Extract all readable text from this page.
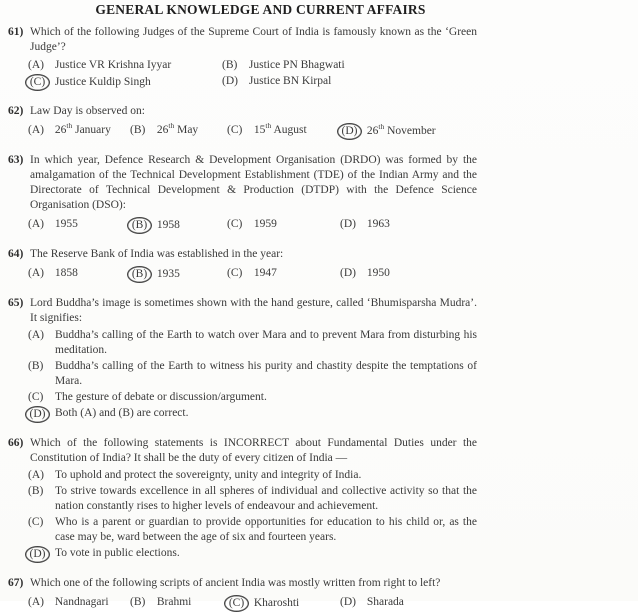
GENERAL KNOWLEDGE AND CURRENT AFFAIRS
61) Which of the following Judges of the Supreme Court of India is famously known as the ‘Green Judge’?
(A) Justice VR Krishna Iyyar	(B) Justice PN Bhagwati
(C) Justice Kuldip Singh	(D) Justice BN Kirpal
62) Law Day is observed on:
(A) 26th January	(B) 26th May	(C) 15th August	(D) 26th November
63) In which year, Defence Research & Development Organisation (DRDO) was formed by the amalgamation of the Technical Development Establishment (TDE) of the Indian Army and the Directorate of Technical Development & Production (DTDP) with the Defence Science Organisation (DSO):
(A) 1955	(B) 1958	(C) 1959	(D) 1963
64) The Reserve Bank of India was established in the year:
(A) 1858	(B) 1935	(C) 1947	(D) 1950
65) Lord Buddha’s image is sometimes shown with the hand gesture, called ‘Bhumisparsha Mudra’. It signifies:
(A) Buddha’s calling of the Earth to watch over Mara and to prevent Mara from disturbing his meditation.
(B)	Buddha’s calling of the Earth to witness his purity and chastity despite the temptations of Mara.
(C)	The gesture of debate or discussion/argument.
(D) Both (A) and (B) are correct.
66) Which of the following statements is INCORRECT about Fundamental Duties under the Constitution of India? It shall be the duty of every citizen of India —
(A) To uphold and protect the sovereignty, unity and integrity of India.
(B)	To strive towards excellence in all spheres of individual and collective activity so that the nation constantly rises to higher levels of endeavour and achievement.
(C)	Who is a parent or guardian to provide opportunities for education to his child or, as the case may be, ward between the age of six and fourteen years.
(D) To vote in public elections.
67) Which one of the following scripts of ancient India was mostly written from right to left?
(A) Nandnagari	(B) Brahmi	(C) Kharoshti	(D) Sharada
